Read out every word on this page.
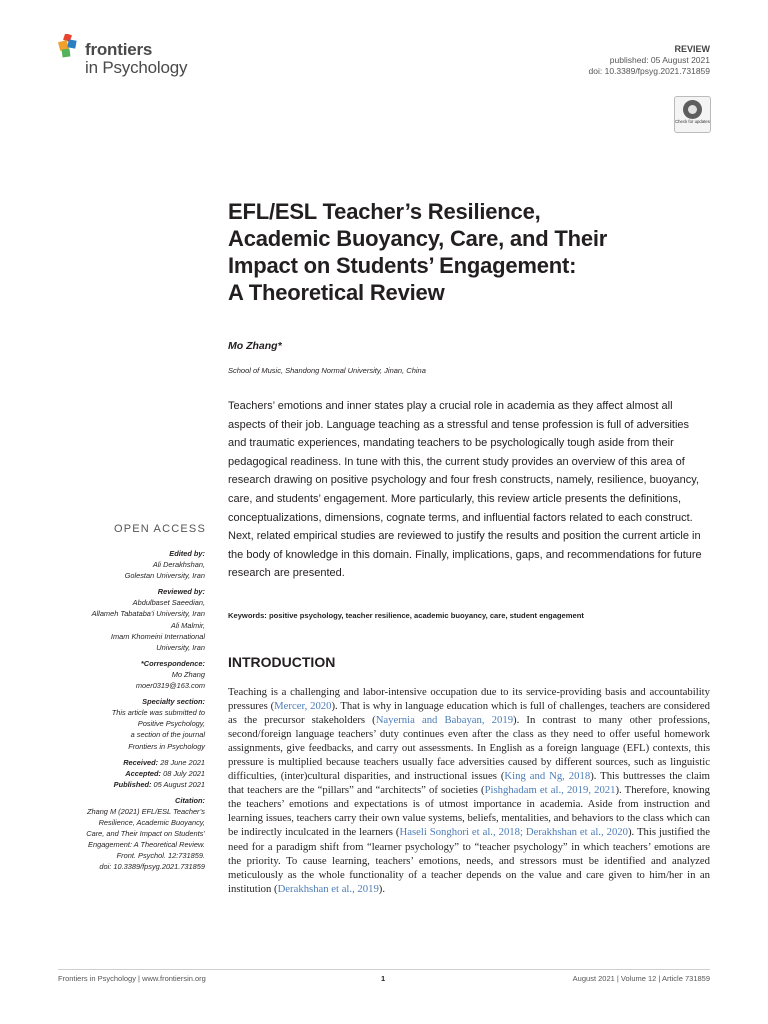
frontiers
in Psychology
REVIEW
published: 05 August 2021
doi: 10.3389/fpsyg.2021.731859
Check for updates
EFL/ESL Teacher’s Resilience,
Academic Buoyancy, Care, and Their
Impact on Students’ Engagement:
A Theoretical Review
Mo Zhang*
School of Music, Shandong Normal University, Jinan, China
Teachers’ emotions and inner states play a crucial role in academia as they affect almost all aspects of their job. Language teaching as a stressful and tense profession is full of adversities and traumatic experiences, mandating teachers to be psychologically tough aside from their pedagogical readiness. In tune with this, the current study provides an overview of this area of research drawing on positive psychology and four fresh constructs, namely, resilience, buoyancy, care, and students’ engagement. More particularly, this review article presents the definitions, conceptualizations, dimensions, cognate terms, and influential factors related to each construct. Next, related empirical studies are reviewed to justify the results and position the current article in the body of knowledge in this domain. Finally, implications, gaps, and recommendations for future research are presented.
Keywords: positive psychology, teacher resilience, academic buoyancy, care, student engagement
INTRODUCTION
Teaching is a challenging and labor-intensive occupation due to its service-providing basis and accountability pressures (Mercer, 2020). That is why in language education which is full of challenges, teachers are considered as the precursor stakeholders (Nayernia and Babayan, 2019). In contrast to many other professions, second/foreign language teachers’ duty continues even after the class as they need to offer useful homework assignments, give feedbacks, and carry out assessments. In English as a foreign language (EFL) contexts, this pressure is multiplied because teachers usually face adversities caused by different sources, such as linguistic difficulties, (inter)cultural disparities, and instructional issues (King and Ng, 2018). This buttresses the claim that teachers are the “pillars” and “architects” of societies (Pishghadam et al., 2019, 2021). Therefore, knowing the teachers’ emotions and expectations is of utmost importance in academia. Aside from instruction and learning issues, teachers carry their own value systems, beliefs, mentalities, and behaviors to the class which can be indirectly inculcated in the learners (Haseli Songhori et al., 2018; Derakhshan et al., 2020). This justified the need for a paradigm shift from “learner psychology” to “teacher psychology” in which teachers’ emotions are the priority. To cause learning, teachers’ emotions, needs, and stressors must be identified and analyzed meticulously as the whole functionality of a teacher depends on the value and care given to him/her in an institution (Derakhshan et al., 2019).
OPEN ACCESS
Edited by:
Ali Derakhshan,
Golestan University, Iran
Reviewed by:
Abdulbaset Saeedian,
Allameh Tabataba’i University, Iran
Ali Malmir,
Imam Khomeini International
University, Iran
*Correspondence:
Mo Zhang
moer0319@163.com
Specialty section:
This article was submitted to
Positive Psychology,
a section of the journal
Frontiers in Psychology
Received: 28 June 2021
Accepted: 08 July 2021
Published: 05 August 2021
Citation:
Zhang M (2021) EFL/ESL Teacher’s
Resilience, Academic Buoyancy,
Care, and Their Impact on Students’
Engagement: A Theoretical Review.
Front. Psychol. 12:731859.
doi: 10.3389/fpsyg.2021.731859
Frontiers in Psychology | www.frontiersin.org	1	August 2021 | Volume 12 | Article 731859
